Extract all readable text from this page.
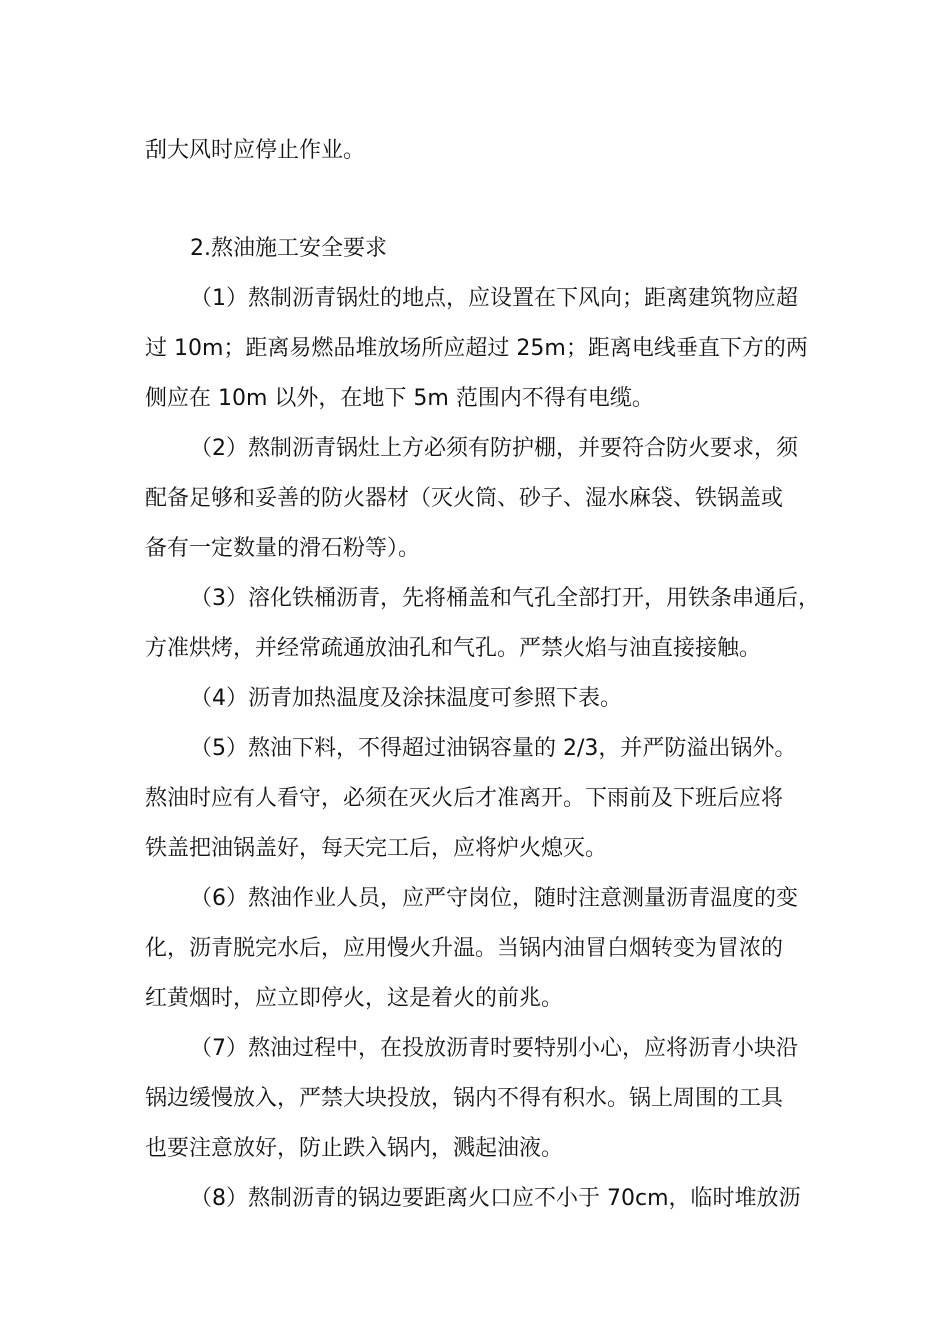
刮大风时应停止作业。
2.熬油施工安全要求
（1）熬制沥青锅灶的地点，应设置在下风向；距离建筑物应超
过 10m；距离易燃品堆放场所应超过 25m；距离电线垂直下方的两
侧应在 10m 以外，在地下 5m 范围内不得有电缆。
（2）熬制沥青锅灶上方必须有防护棚，并要符合防火要求，须
配备足够和妥善的防火器材（灭火筒、砂子、湿水麻袋、铁锅盖或
备有一定数量的滑石粉等）。
（3）溶化铁桶沥青，先将桶盖和气孔全部打开，用铁条串通后，
方准烘烤，并经常疏通放油孔和气孔。严禁火焰与油直接接触。
（4）沥青加热温度及涂抹温度可参照下表。
（5）熬油下料，不得超过油锅容量的 2/3，并严防溢出锅外。
熬油时应有人看守，必须在灭火后才准离开。下雨前及下班后应将
铁盖把油锅盖好，每天完工后，应将炉火熄灭。
（6）熬油作业人员，应严守岗位，随时注意测量沥青温度的变
化，沥青脱完水后，应用慢火升温。当锅内油冒白烟转变为冒浓的
红黄烟时，应立即停火，这是着火的前兆。
（7）熬油过程中，在投放沥青时要特别小心，应将沥青小块沿
锅边缓慢放入，严禁大块投放，锅内不得有积水。锅上周围的工具
也要注意放好，防止跌入锅内，溅起油液。
（8）熬制沥青的锅边要距离火口应不小于 70cm，临时堆放沥
